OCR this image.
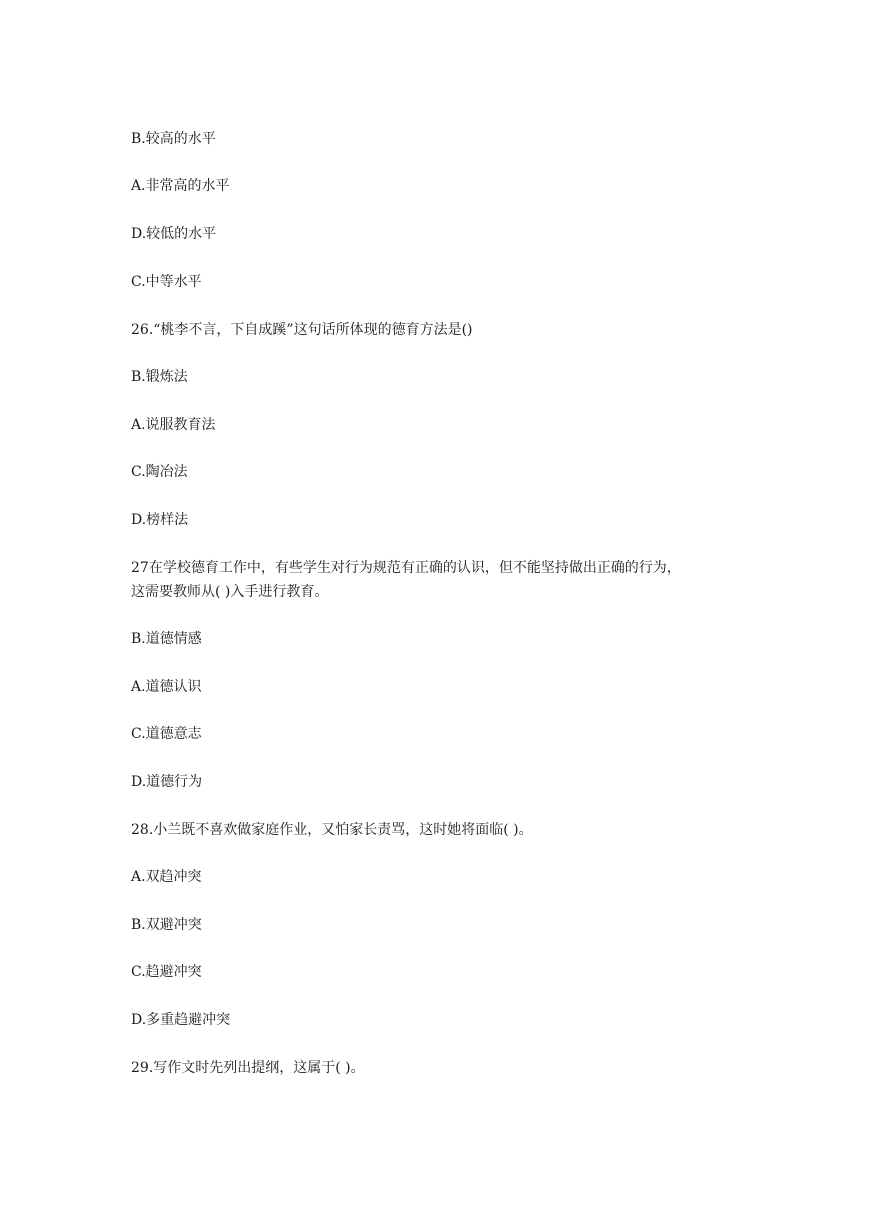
B.较高的水平
A.非常高的水平
D.较低的水平
C.中等水平
26.“桃李不言，下自成蹊”这句话所体现的德育方法是()
B.锻炼法
A.说服教育法
C.陶冶法
D.榜样法
27在学校德育工作中，有些学生对行为规范有正确的认识，但不能坚持做出正确的行为，
这需要教师从( )入手进行教育。
B.道德情感
A.道德认识
C.道德意志
D.道德行为
28.小兰既不喜欢做家庭作业，又怕家长责骂，这时她将面临( )。
A.双趋冲突
B.双避冲突
C.趋避冲突
D.多重趋避冲突
29.写作文时先列出提纲，这属于( )。
